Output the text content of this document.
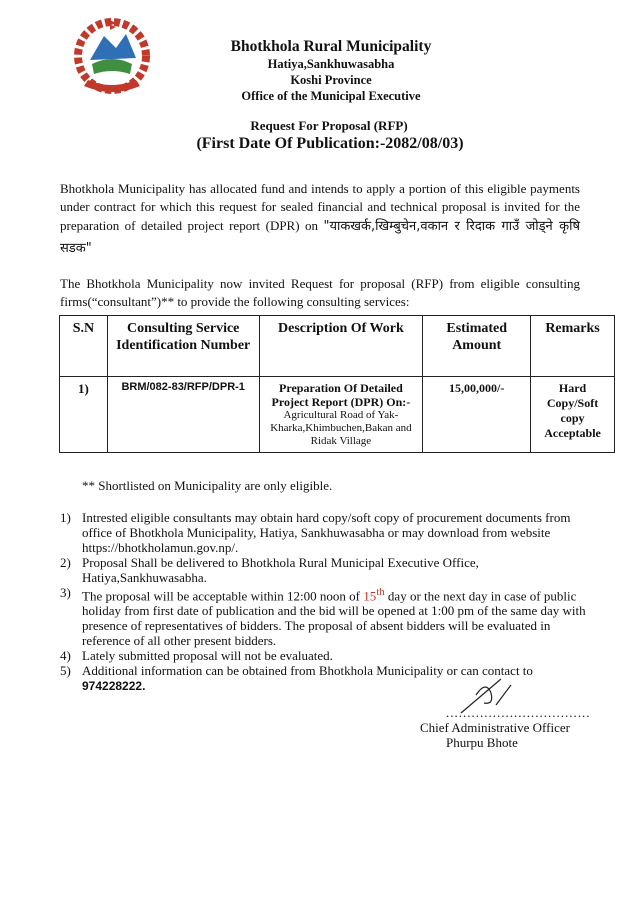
Bhotkhola Rural Municipality
Hatiya,Sankhuwasabha
Koshi Province
Office of the Municipal Executive
Request For Proposal (RFP)
(First Date Of Publication:-2082/08/03)
Bhotkhola Municipality has allocated fund and intends to apply a portion of this eligible payments under contract for which this request for sealed financial and technical proposal is invited for the preparation of detailed project report (DPR) on "याकखर्क,खिम्बुचेन,वकान र रिदाक गाउँ जोड्ने कृषि सडक"
The Bhotkhola Municipality now invited Request for proposal (RFP) from eligible consulting firms(“consultant”)** to provide the following consulting services:
S.N	Consulting Service Identification Number	Description Of Work	Estimated Amount	Remarks
1)	BRM/082-83/RFP/DPR-1	Preparation Of Detailed Project Report (DPR) On:-
Agricultural Road of Yak-Kharka,Khimbuchen,Bakan and Ridak Village	15,00,000/-	Hard Copy/Soft copy Acceptable
** Shortlisted on Municipality are only eligible.
1) Intrested eligible consultants may obtain hard copy/soft copy of procurement documents from office of Bhotkhola Municipality, Hatiya, Sankhuwasabha or may download from website https://bhotkholamun.gov.np/.
2) Proposal Shall be delivered to Bhotkhola Rural Municipal Executive Office, Hatiya,Sankhuwasabha.
3) The proposal will be acceptable within 12:00 noon of 15th day or the next day in case of public holiday from first date of publication and the bid will be opened at 1:00 pm of the same day with presence of representatives of bidders. The proposal of absent bidders will be evaluated in reference of all other present bidders.
4) Lately submitted proposal will not be evaluated.
5) Additional information can be obtained from Bhotkhola Municipality or can contact to
974228222.
..................................
Chief Administrative Officer
Phurpu Bhote
